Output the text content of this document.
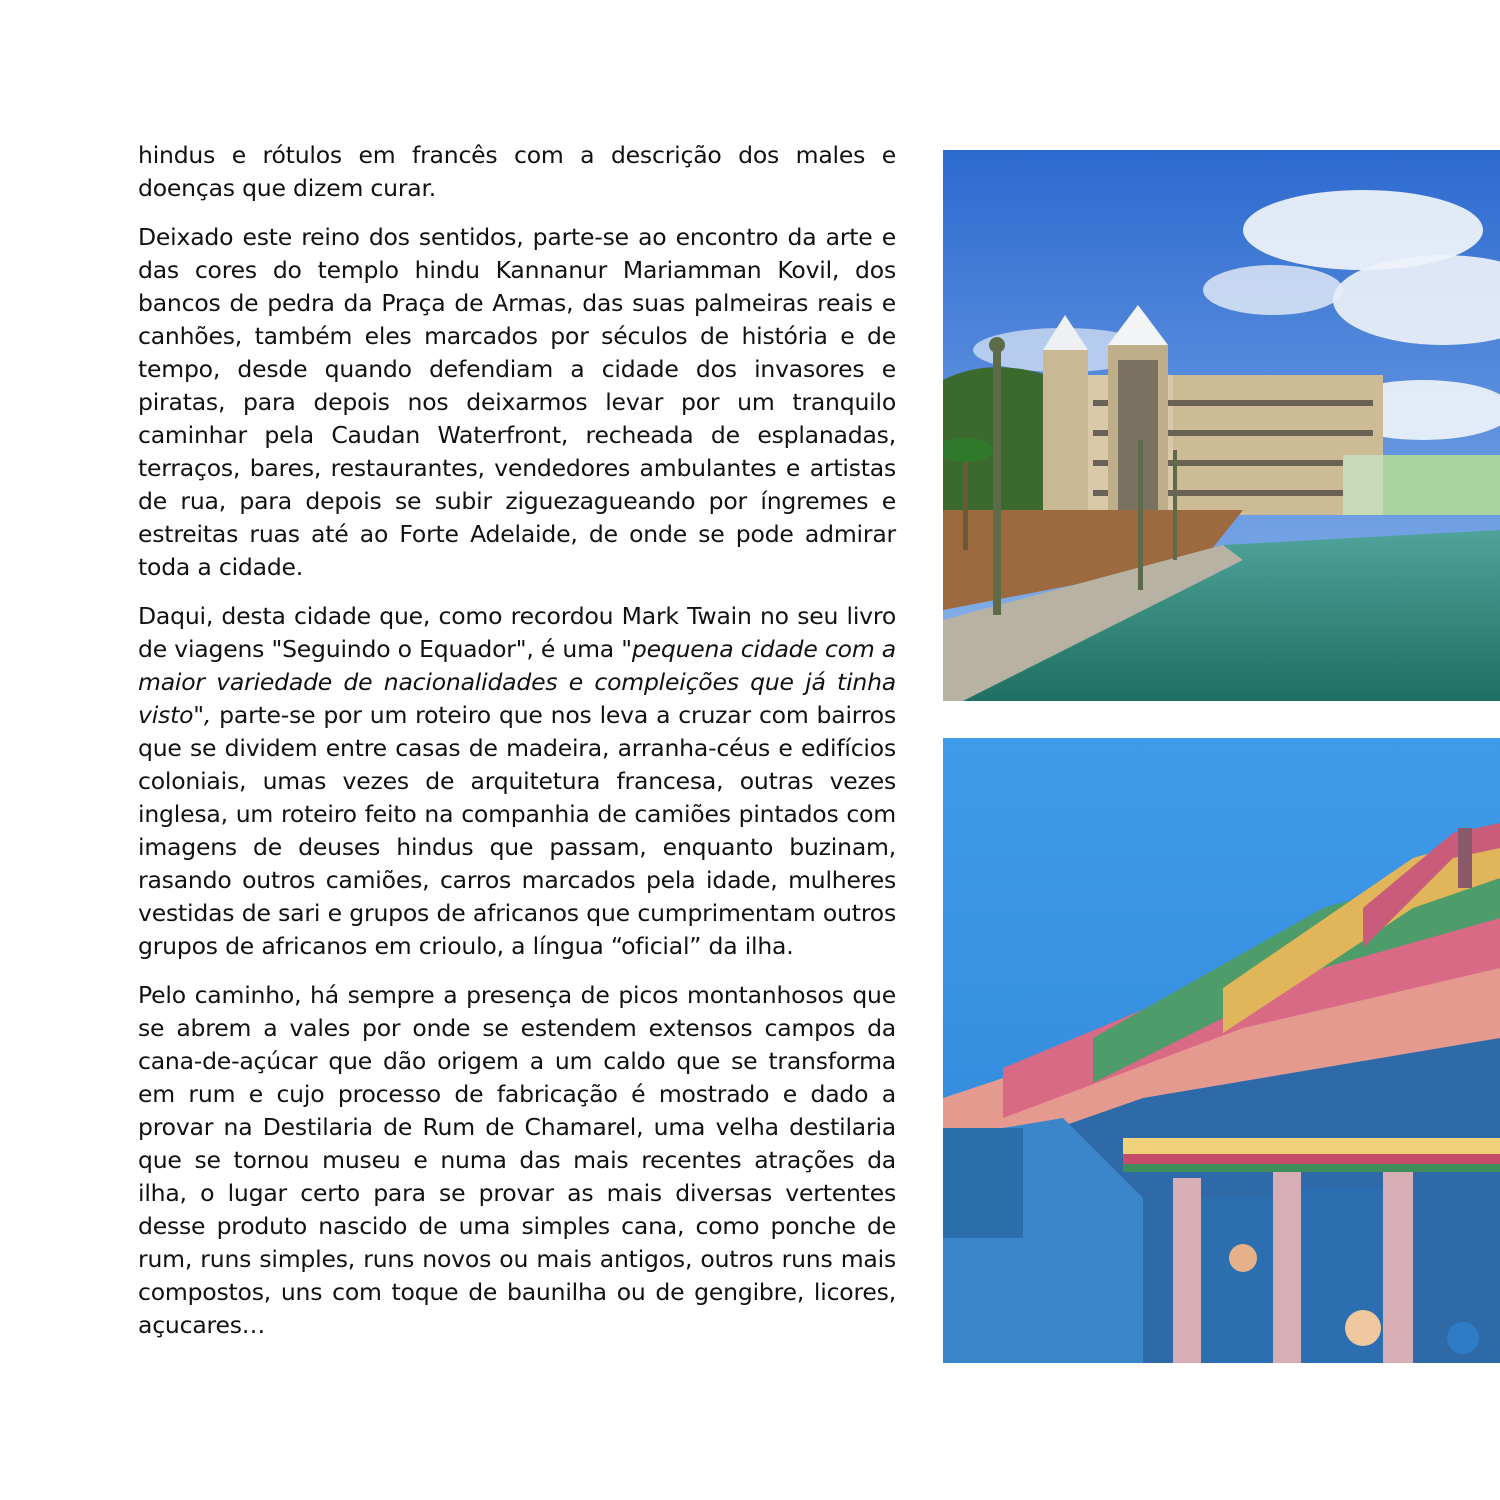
hindus e rótulos em francês com a descrição dos males e doenças que dizem curar.

Deixado este reino dos sentidos, parte-se ao encontro da arte e das cores do templo hindu Kannanur Mariamman Kovil, dos bancos de pedra da Praça de Armas, das suas palmeiras reais e canhões, também eles marcados por séculos de história e de tempo, desde quando defendiam a cidade dos invasores e piratas, para depois nos deixarmos levar por um tranquilo caminhar pela Caudan Waterfront, recheada de esplanadas, terraços, bares, restaurantes, vendedores ambulantes e artistas de rua, para depois se subir ziguezagueando por íngremes e estreitas ruas até ao Forte Adelaide, de onde se pode admirar toda a cidade.

Daqui, desta cidade que, como recordou Mark Twain no seu livro de viagens "Seguindo o Equador", é uma "pequena cidade com a maior variedade de nacionalidades e compleições que já tinha visto", parte-se por um roteiro que nos leva a cruzar com bairros que se dividem entre casas de madeira, arranha-céus e edifícios coloniais, umas vezes de arquitetura francesa, outras vezes inglesa, um roteiro feito na companhia de camiões pintados com imagens de deuses hindus que passam, enquanto buzinam, rasando outros camiões, carros marcados pela idade, mulheres vestidas de sari e grupos de africanos que cumprimentam outros grupos de africanos em crioulo, a língua “oficial” da ilha.

Pelo caminho, há sempre a presença de picos montanhosos que se abrem a vales por onde se estendem extensos campos da cana-de-açúcar que dão origem a um caldo que se transforma em rum e cujo processo de fabricação é mostrado e dado a provar na Destilaria de Rum de Chamarel, uma velha destilaria que se tornou museu e numa das mais recentes atrações da ilha, o lugar certo para se provar as mais diversas vertentes desse produto nascido de uma simples cana, como ponche de rum, runs simples, runs novos ou mais antigos, outros runs mais compostos, uns com toque de baunilha ou de gengibre, licores, açucares…
